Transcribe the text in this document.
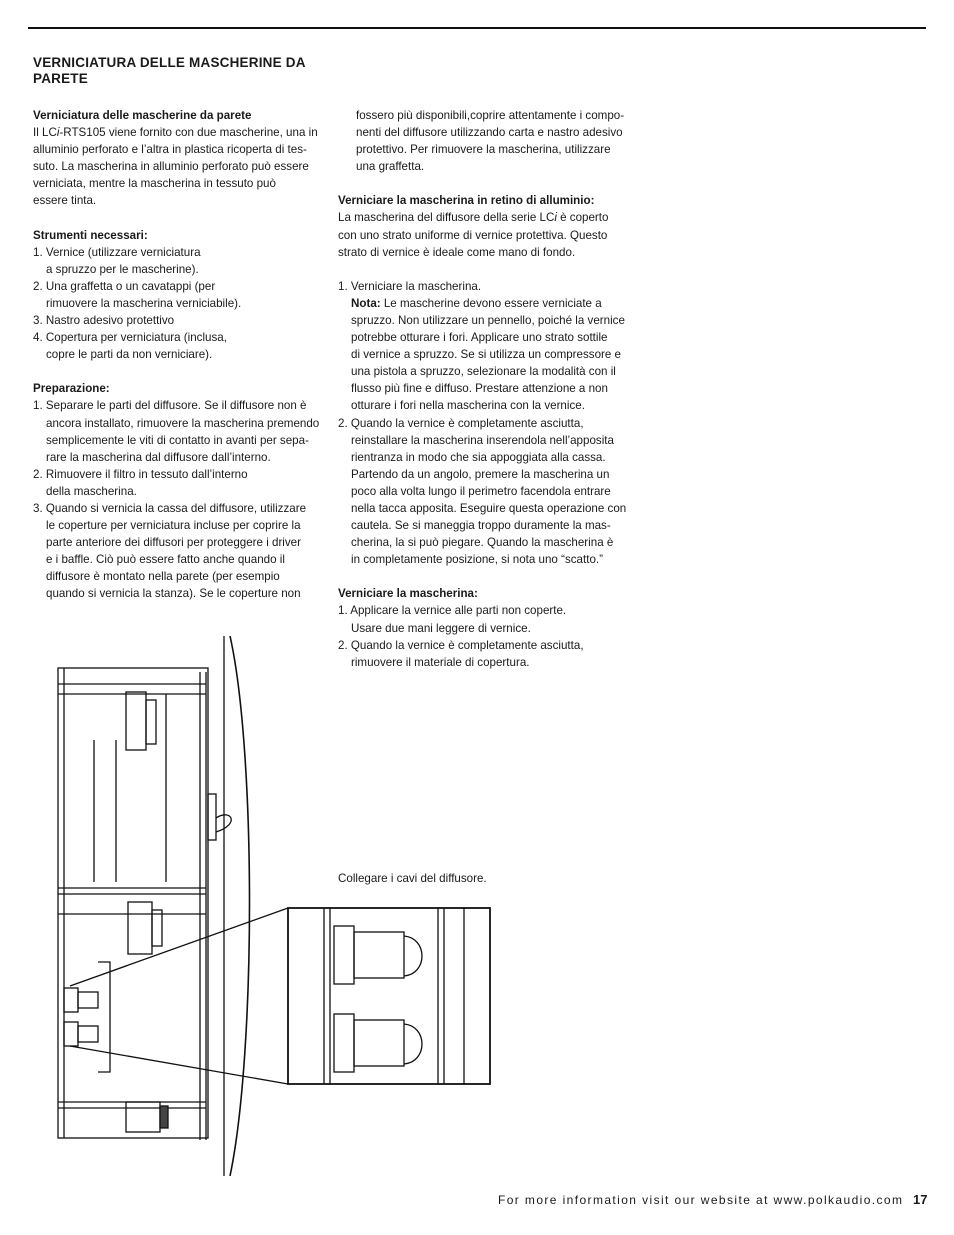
VERNICIATURA DELLE MASCHERINE DA PARETE

Verniciatura delle mascherine da parete

Il LCi-RTS105 viene fornito con due mascherine, una in

alluminio perforato e l’altra in plastica ricoperta di tes-

suto. La mascherina in alluminio perforato può essere

verniciata, mentre la mascherina in tessuto può

essere tinta.

Strumenti necessari:

1. Vernice (utilizzare verniciatura

a spruzzo per le mascherine).

2. Una graffetta o un cavatappi (per

rimuovere la mascherina verniciabile).

3. Nastro adesivo protettivo

4. Copertura per verniciatura (inclusa,

copre le parti da non verniciare).

Preparazione:

1. Separare le parti del diffusore. Se il diffusore non è

ancora installato, rimuovere la mascherina premendo

semplicemente le viti di contatto in avanti per sepa-

rare la mascherina dal diffusore dall’interno.

2. Rimuovere il filtro in tessuto dall’interno

della mascherina.

3. Quando si vernicia la cassa del diffusore, utilizzare

le coperture per verniciatura incluse per coprire la

parte anteriore dei diffusori per proteggere i driver

e i baffle. Ciò può essere fatto anche quando il

diffusore è montato nella parete (per esempio

quando si vernicia la stanza). Se le coperture non

fossero più disponibili,coprire attentamente i compo-

nenti del diffusore utilizzando carta e nastro adesivo

protettivo. Per rimuovere la mascherina, utilizzare

una graffetta.

Verniciare la mascherina in retino di alluminio:

La mascherina del diffusore della serie LCi è coperto

con uno strato uniforme di vernice protettiva. Questo

strato di vernice è ideale come mano di fondo.

1. Verniciare la mascherina.

Nota: Le mascherine devono essere verniciate a

spruzzo. Non utilizzare un pennello, poiché la vernice

potrebbe otturare i fori. Applicare uno strato sottile

di vernice a spruzzo. Se si utilizza un compressore e

una pistola a spruzzo, selezionare la modalità con il

flusso più fine e diffuso. Prestare attenzione a non

otturare i fori nella mascherina con la vernice.

2. Quando la vernice è completamente asciutta,

reinstallare la mascherina inserendola nell’apposita

rientranza in modo che sia appoggiata alla cassa.

Partendo da un angolo, premere la mascherina un

poco alla volta lungo il perimetro facendola entrare

nella tacca apposita. Eseguire questa operazione con

cautela. Se si maneggia troppo duramente la mas-

cherina, la si può piegare. Quando la mascherina è

in completamente posizione, si nota uno “scatto.”

Verniciare la mascherina:

1. Applicare la vernice alle parti non coperte.

Usare due mani leggere di vernice.

2. Quando la vernice è completamente asciutta,

rimuovere il materiale di copertura.

Collegare i cavi del diffusore.
For more information visit our website at www.polkaudio.com 17
